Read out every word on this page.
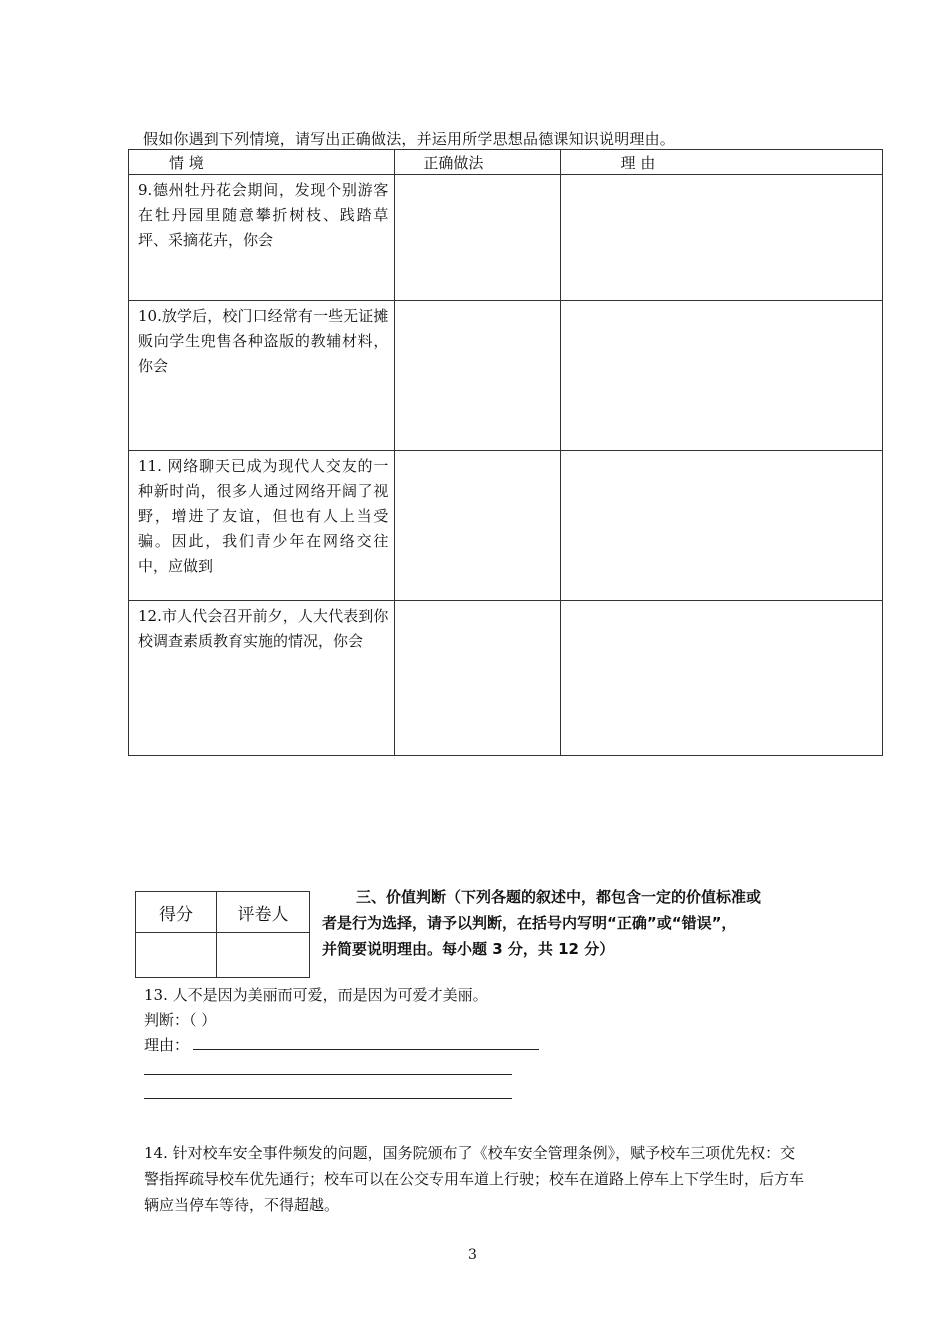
假如你遇到下列情境，请写出正确做法，并运用所学思想品德课知识说明理由。
情 境	正确做法	理 由
9.德州牡丹花会期间，发现个别游客在牡丹园里随意攀折树枝、践踏草坪、采摘花卉，你会		
10.放学后，校门口经常有一些无证摊贩向学生兜售各种盗版的教辅材料，你会		
11. 网络聊天已成为现代人交友的一种新时尚，很多人通过网络开阔了视野，增进了友谊，但也有人上当受骗。因此，我们青少年在网络交往中，应做到		
12.市人代会召开前夕，人大代表到你校调查素质教育实施的情况，你会		
得分	评卷人

三、价值判断（下列各题的叙述中，都包含一定的价值标准或
者是行为选择，请予以判断，在括号内写明“正确”或“错误”，
并简要说明理由。每小题 3 分，共 12 分）
13. 人不是因为美丽而可爱，而是因为可爱才美丽。
判断：（ ）
理由：
14. 针对校车安全事件频发的问题，国务院颁布了《校车安全管理条例》，赋予校车三项优先权：交警指挥疏导校车优先通行；校车可以在公交专用车道上行驶；校车在道路上停车上下学生时，后方车辆应当停车等待，不得超越。
3
